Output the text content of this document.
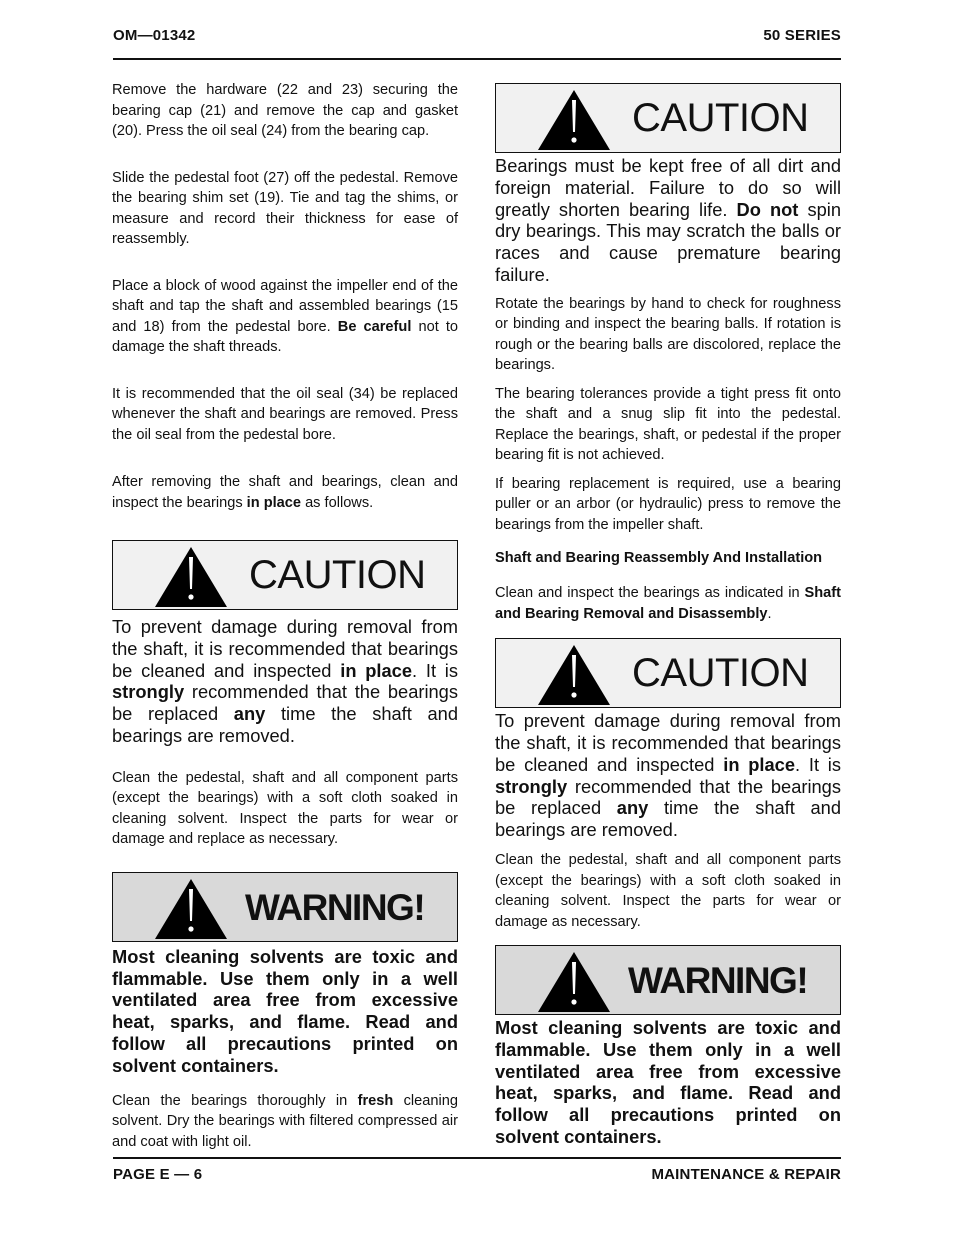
OM—01342	50 SERIES

Remove the hardware (22 and 23) securing the bearing cap (21) and remove the cap and gasket (20). Press the oil seal (24) from the bearing cap.

Slide the pedestal foot (27) off the pedestal. Remove the bearing shim set (19). Tie and tag the shims, or measure and record their thickness for ease of reassembly.

Place a block of wood against the impeller end of the shaft and tap the shaft and assembled bearings (15 and 18) from the pedestal bore. Be careful not to damage the shaft threads.

It is recommended that the oil seal (34) be replaced whenever the shaft and bearings are removed. Press the oil seal from the pedestal bore.

After removing the shaft and bearings, clean and inspect the bearings in place as follows.

CAUTION

To prevent damage during removal from the shaft, it is recommended that bearings be cleaned and inspected in place. It is strongly recommended that the bearings be replaced any time the shaft and bearings are removed.

Clean the pedestal, shaft and all component parts (except the bearings) with a soft cloth soaked in cleaning solvent. Inspect the parts for wear or damage and replace as necessary.

WARNING!

Most cleaning solvents are toxic and flammable. Use them only in a well ventilated area free from excessive heat, sparks, and flame. Read and follow all precautions printed on solvent containers.

Clean the bearings thoroughly in fresh cleaning solvent. Dry the bearings with filtered compressed air and coat with light oil.

CAUTION

Bearings must be kept free of all dirt and foreign material. Failure to do so will greatly shorten bearing life. Do not spin dry bearings. This may scratch the balls or races and cause premature bearing failure.

Rotate the bearings by hand to check for roughness or binding and inspect the bearing balls. If rotation is rough or the bearing balls are discolored, replace the bearings.

The bearing tolerances provide a tight press fit onto the shaft and a snug slip fit into the pedestal. Replace the bearings, shaft, or pedestal if the proper bearing fit is not achieved.

If bearing replacement is required, use a bearing puller or an arbor (or hydraulic) press to remove the bearings from the impeller shaft.

Shaft and Bearing Reassembly And Installation

Clean and inspect the bearings as indicated in Shaft and Bearing Removal and Disassembly.

CAUTION

To prevent damage during removal from the shaft, it is recommended that bearings be cleaned and inspected in place. It is strongly recommended that the bearings be replaced any time the shaft and bearings are removed.

Clean the pedestal, shaft and all component parts (except the bearings) with a soft cloth soaked in cleaning solvent. Inspect the parts for wear or damage as necessary.

WARNING!

Most cleaning solvents are toxic and flammable. Use them only in a well ventilated area free from excessive heat, sparks, and flame. Read and follow all precautions printed on solvent containers.

PAGE E — 6	MAINTENANCE & REPAIR
